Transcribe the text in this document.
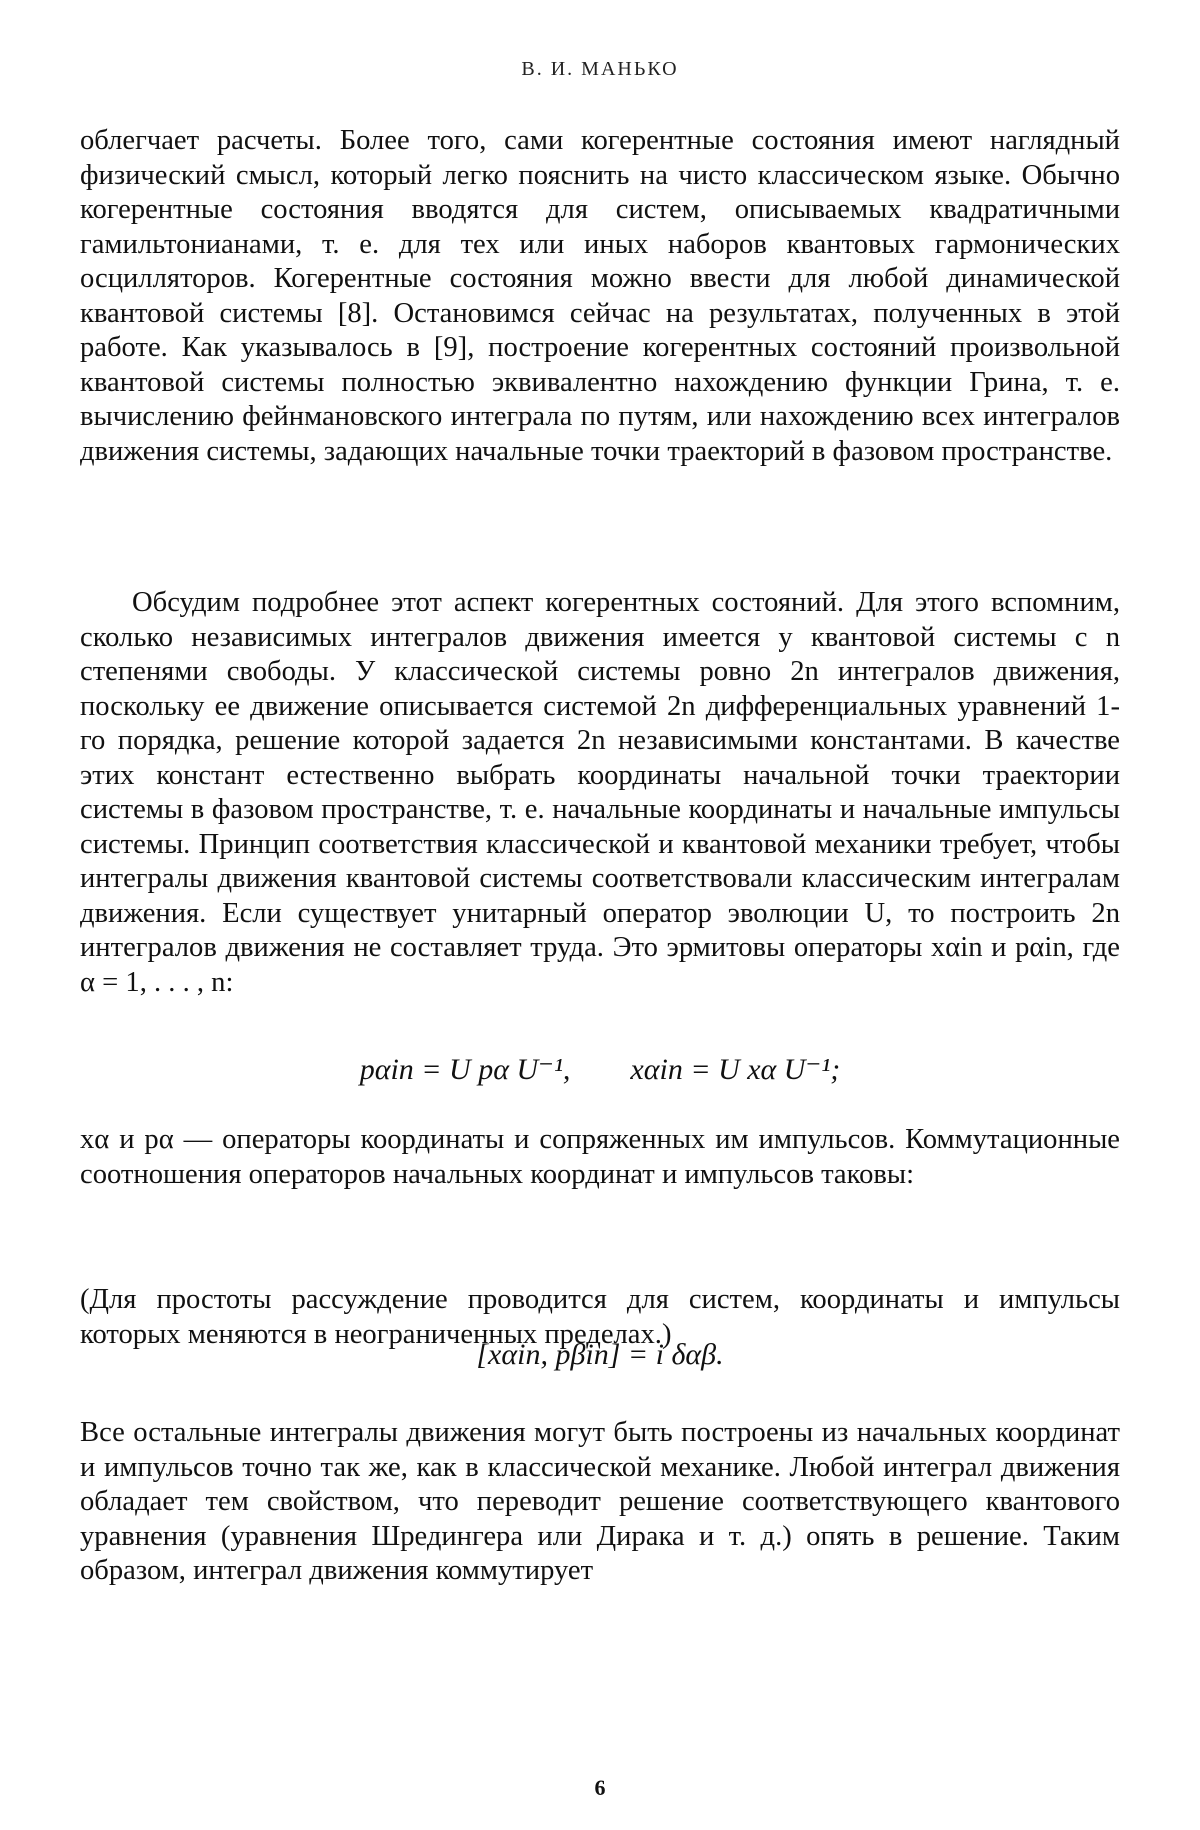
В. И. МАНЬКО

облегчает расчеты. Более того, сами когерентные состояния имеют наглядный физический смысл, который легко пояснить на чисто классическом языке. Обычно когерентные состояния вводятся для систем, описываемых квадратичными гамильтонианами, т. е. для тех или иных наборов квантовых гармонических осцилляторов. Когерентные состояния можно ввести для любой динамической квантовой системы [8]. Остановимся сейчас на результатах, полученных в этой работе. Как указывалось в [9], построение когерентных состояний произвольной квантовой системы полностью эквивалентно нахождению функции Грина, т. е. вычислению фейнмановского интеграла по путям, или нахождению всех интегралов движения системы, задающих начальные точки траекторий в фазовом пространстве.

Обсудим подробнее этот аспект когерентных состояний. Для этого вспомним, сколько независимых интегралов движения имеется у квантовой системы с n степенями свободы. У классической системы ровно 2n интегралов движения, поскольку ее движение описывается системой 2n дифференциальных уравнений 1-го порядка, решение которой задается 2n независимыми константами. В качестве этих констант естественно выбрать координаты начальной точки траектории системы в фазовом пространстве, т. е. начальные координаты и начальные импульсы системы. Принцип соответствия классической и квантовой механики требует, чтобы интегралы движения квантовой системы соответствовали классическим интегралам движения. Если существует унитарный оператор эволюции U, то построить 2n интегралов движения не составляет труда. Это эрмитовы операторы xαin и pαin, где α = 1, . . . , n:

pαin = U pα U⁻¹,        xαin = U xα U⁻¹;

xα и pα — операторы координаты и сопряженных им импульсов. Коммутационные соотношения операторов начальных координат и импульсов таковы:

[xαin, pβin] = i δαβ.

(Для простоты рассуждение проводится для систем, координаты и импульсы которых меняются в неограниченных пределах.)

Все остальные интегралы движения могут быть построены из начальных координат и импульсов точно так же, как в классической механике. Любой интеграл движения обладает тем свойством, что переводит решение соответствующего квантового уравнения (уравнения Шредингера или Дирака и т. д.) опять в решение. Таким образом, интеграл движения коммутирует

6
